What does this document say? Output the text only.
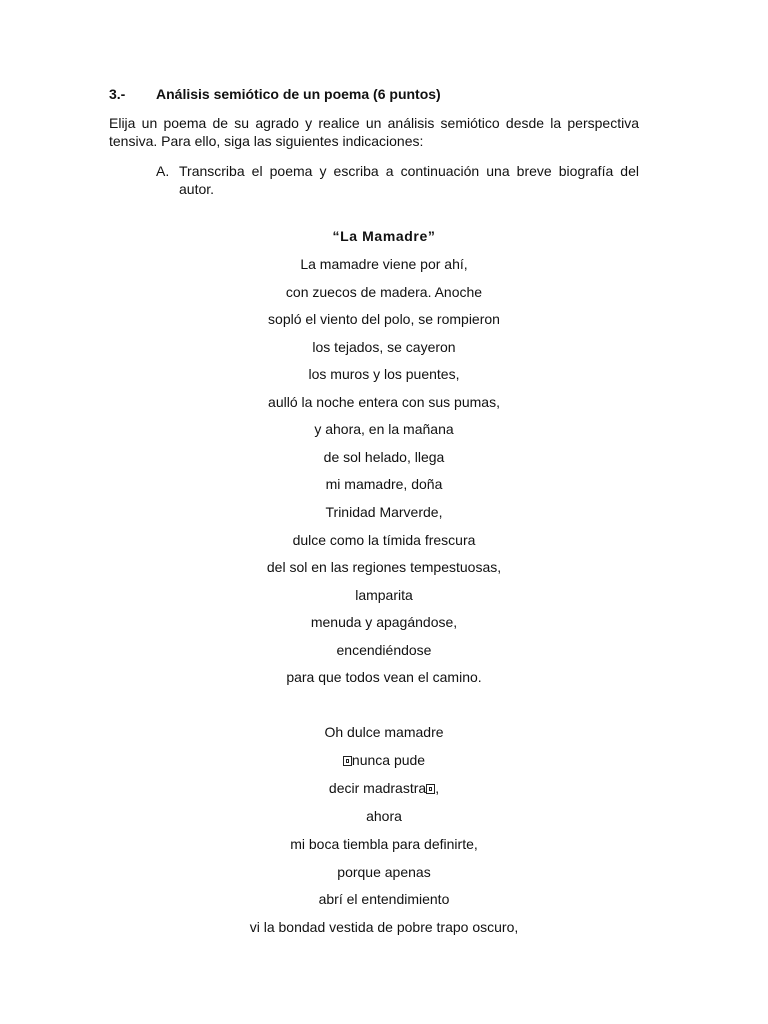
3.- Análisis semiótico de un poema (6 puntos)
Elija un poema de su agrado y realice un análisis semiótico desde la perspectiva
tensiva. Para ello, siga las siguientes indicaciones:
A. Transcriba el poema y escriba a continuación una breve biografía del
autor.
“La Mamadre”
La mamadre viene por ahí,
con zuecos de madera. Anoche
sopló el viento del polo, se rompieron
los tejados, se cayeron
los muros y los puentes,
aulló la noche entera con sus pumas,
y ahora, en la mañana
de sol helado, llega
mi mamadre, doña
Trinidad Marverde,
dulce como la tímida frescura
del sol en las regiones tempestuosas,
lamparita
menuda y apagándose,
encendiéndose
para que todos vean el camino.
Oh dulce mamadre
nunca pude
decir madrastra ,
ahora
mi boca tiembla para definirte,
porque apenas
abrí el entendimiento
vi la bondad vestida de pobre trapo oscuro,
